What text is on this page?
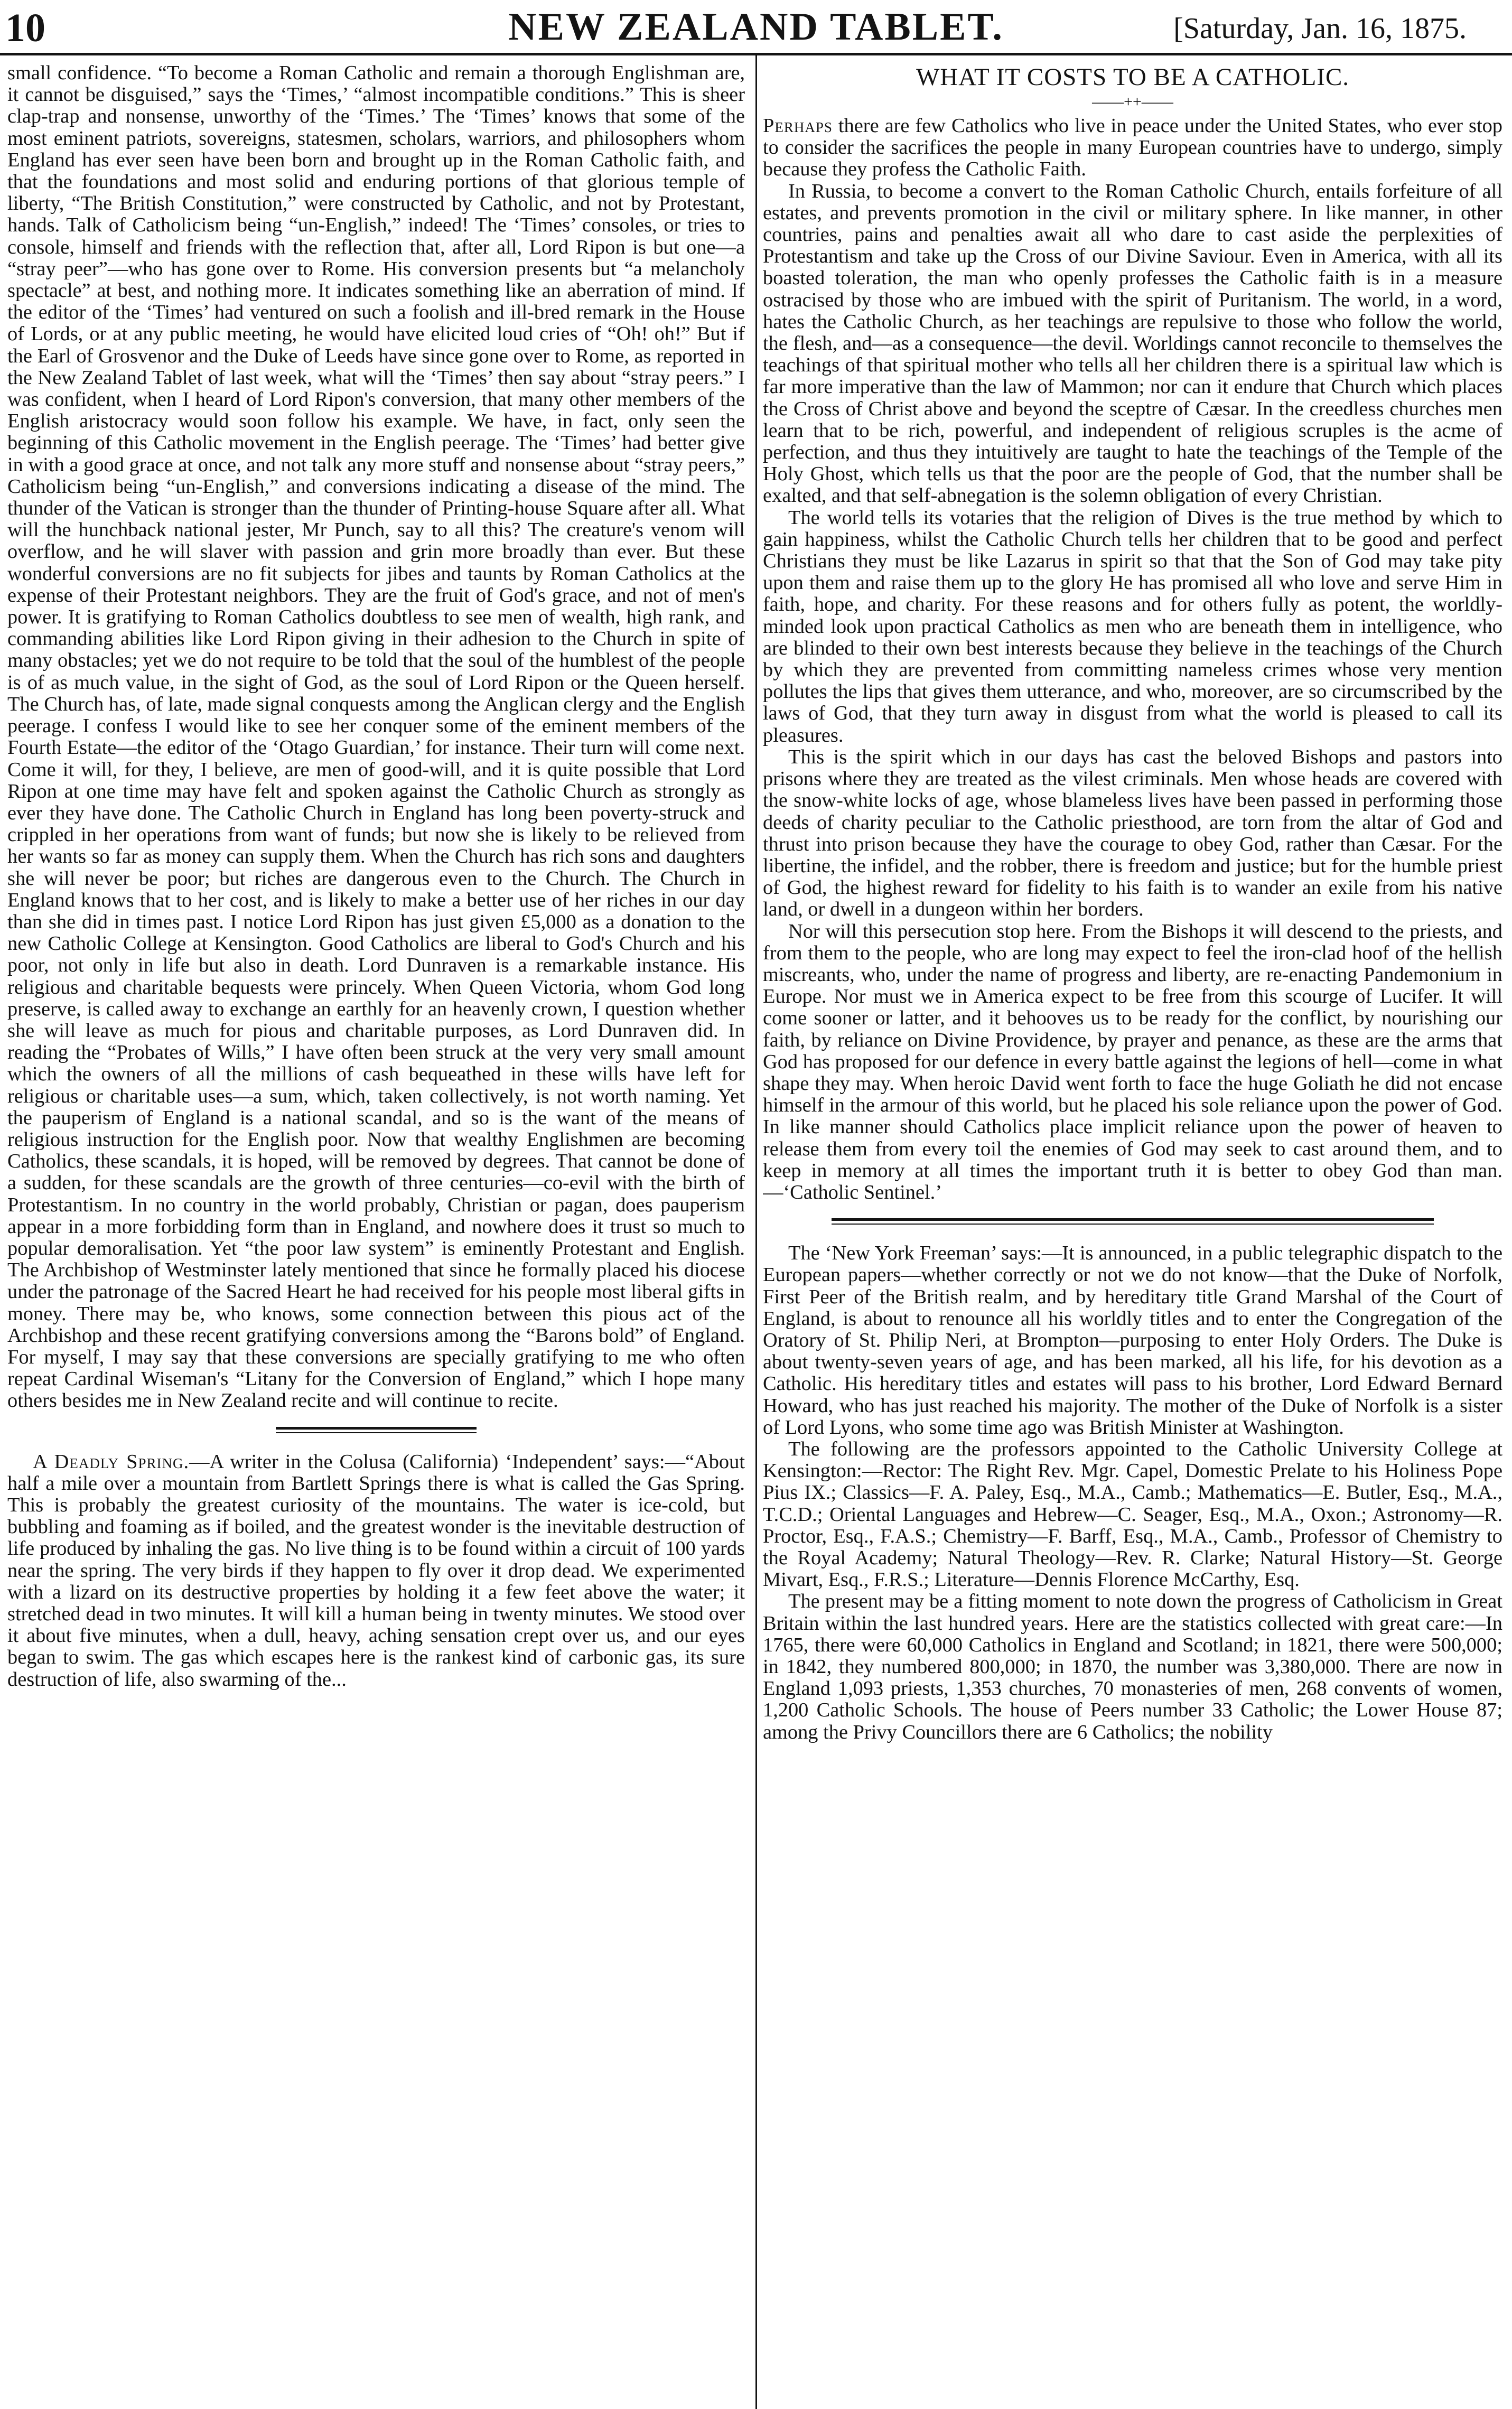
10	NEW ZEALAND TABLET.	[Saturday, Jan. 16, 1875.

small confidence. “To become a Roman Catholic and remain a thorough Englishman are, it cannot be disguised,” says the ‘Times,’ “almost incompatible conditions.” This is sheer clap-trap and nonsense, unworthy of the ‘Times.’ The ‘Times’ knows that some of the most eminent patriots, sovereigns, statesmen, scholars, warriors, and philosophers whom England has ever seen have been born and brought up in the Roman Catholic faith, and that the foundations and most solid and enduring portions of that glorious temple of liberty, “The British Constitution,” were constructed by Catholic, and not by Protestant, hands. Talk of Catholicism being “un-English,” indeed! The ‘Times’ consoles, or tries to console, himself and friends with the reflection that, after all, Lord Ripon is but one—a “stray peer”—who has gone over to Rome. His conversion presents but “a melancholy spectacle” at best, and nothing more. It indicates something like an aberration of mind. If the editor of the ‘Times’ had ventured on such a foolish and ill-bred remark in the House of Lords, or at any public meeting, he would have elicited loud cries of “Oh! oh!” But if the Earl of Grosvenor and the Duke of Leeds have since gone over to Rome, as reported in the New Zealand Tablet of last week, what will the ‘Times’ then say about “stray peers.” I was confident, when I heard of Lord Ripon's conversion, that many other members of the English aristocracy would soon follow his example. We have, in fact, only seen the beginning of this Catholic movement in the English peerage. The ‘Times’ had better give in with a good grace at once, and not talk any more stuff and nonsense about “stray peers,” Catholicism being “un-English,” and conversions indicating a disease of the mind. The thunder of the Vatican is stronger than the thunder of Printing-house Square after all. What will the hunchback national jester, Mr Punch, say to all this? The creature's venom will overflow, and he will slaver with passion and grin more broadly than ever. But these wonderful conversions are no fit subjects for jibes and taunts by Roman Catholics at the expense of their Protestant neighbors. They are the fruit of God's grace, and not of men's power. It is gratifying to Roman Catholics doubtless to see men of wealth, high rank, and commanding abilities like Lord Ripon giving in their adhesion to the Church in spite of many obstacles; yet we do not require to be told that the soul of the humblest of the people is of as much value, in the sight of God, as the soul of Lord Ripon or the Queen herself. The Church has, of late, made signal conquests among the Anglican clergy and the English peerage. I confess I would like to see her conquer some of the eminent members of the Fourth Estate—the editor of the ‘Otago Guardian,’ for instance. Their turn will come next. Come it will, for they, I believe, are men of good-will, and it is quite possible that Lord Ripon at one time may have felt and spoken against the Catholic Church as strongly as ever they have done. The Catholic Church in England has long been poverty-struck and crippled in her operations from want of funds; but now she is likely to be relieved from her wants so far as money can supply them. When the Church has rich sons and daughters she will never be poor; but riches are dangerous even to the Church. The Church in England knows that to her cost, and is likely to make a better use of her riches in our day than she did in times past. I notice Lord Ripon has just given £5,000 as a donation to the new Catholic College at Kensington. Good Catholics are liberal to God's Church and his poor, not only in life but also in death. Lord Dunraven is a remarkable instance. His religious and charitable bequests were princely. When Queen Victoria, whom God long preserve, is called away to exchange an earthly for an heavenly crown, I question whether she will leave as much for pious and charitable purposes, as Lord Dunraven did. In reading the “Probates of Wills,” I have often been struck at the very very small amount which the owners of all the millions of cash bequeathed in these wills have left for religious or charitable uses—a sum, which, taken collectively, is not worth naming. Yet the pauperism of England is a national scandal, and so is the want of the means of religious instruction for the English poor. Now that wealthy Englishmen are becoming Catholics, these scandals, it is hoped, will be removed by degrees. That cannot be done of a sudden, for these scandals are the growth of three centuries—co-evil with the birth of Protestantism. In no country in the world probably, Christian or pagan, does pauperism appear in a more forbidding form than in England, and nowhere does it trust so much to popular demoralisation. Yet “the poor law system” is eminently Protestant and English. The Archbishop of Westminster lately mentioned that since he formally placed his diocese under the patronage of the Sacred Heart he had received for his people most liberal gifts in money. There may be, who knows, some connection between this pious act of the Archbishop and these recent gratifying conversions among the “Barons bold” of England. For myself, I may say that these conversions are specially gratifying to me who often repeat Cardinal Wiseman's “Litany for the Conversion of England,” which I hope many others besides me in New Zealand recite and will continue to recite.

A Deadly Spring.—A writer in the Colusa (California) ‘Independent’ says:—“About half a mile over a mountain from Bartlett Springs there is what is called the Gas Spring. This is probably the greatest curiosity of the mountains. The water is ice-cold, but bubbling and foaming as if boiled, and the greatest wonder is the inevitable destruction of life produced by inhaling the gas. No live thing is to be found within a circuit of 100 yards near the spring. The very birds if they happen to fly over it drop dead. We experimented with a lizard on its destructive properties by holding it a few feet above the water; it stretched dead in two minutes. It will kill a human being in twenty minutes. We stood over it about five minutes, when a dull, heavy, aching sensation crept over us, and our eyes began to swim. The gas which escapes here is the rankest kind of carbonic gas, its sure destruction of life, also swarming of the...

WHAT IT COSTS TO BE A CATHOLIC.
——++——

Perhaps there are few Catholics who live in peace under the United States, who ever stop to consider the sacrifices the people in many European countries have to undergo, simply because they profess the Catholic Faith.

In Russia, to become a convert to the Roman Catholic Church, entails forfeiture of all estates, and prevents promotion in the civil or military sphere. In like manner, in other countries, pains and penalties await all who dare to cast aside the perplexities of Protestantism and take up the Cross of our Divine Saviour. Even in America, with all its boasted toleration, the man who openly professes the Catholic faith is in a measure ostracised by those who are imbued with the spirit of Puritanism. The world, in a word, hates the Catholic Church, as her teachings are repulsive to those who follow the world, the flesh, and—as a consequence—the devil. Worldings cannot reconcile to themselves the teachings of that spiritual mother who tells all her children there is a spiritual law which is far more imperative than the law of Mammon; nor can it endure that Church which places the Cross of Christ above and beyond the sceptre of Cæsar. In the creedless churches men learn that to be rich, powerful, and independent of religious scruples is the acme of perfection, and thus they intuitively are taught to hate the teachings of the Temple of the Holy Ghost, which tells us that the poor are the people of God, that the number shall be exalted, and that self-abnegation is the solemn obligation of every Christian.

The world tells its votaries that the religion of Dives is the true method by which to gain happiness, whilst the Catholic Church tells her children that to be good and perfect Christians they must be like Lazarus in spirit so that that the Son of God may take pity upon them and raise them up to the glory He has promised all who love and serve Him in faith, hope, and charity. For these reasons and for others fully as potent, the worldly-minded look upon practical Catholics as men who are beneath them in intelligence, who are blinded to their own best interests because they believe in the teachings of the Church by which they are prevented from committing nameless crimes whose very mention pollutes the lips that gives them utterance, and who, moreover, are so circumscribed by the laws of God, that they turn away in disgust from what the world is pleased to call its pleasures.

This is the spirit which in our days has cast the beloved Bishops and pastors into prisons where they are treated as the vilest criminals. Men whose heads are covered with the snow-white locks of age, whose blameless lives have been passed in performing those deeds of charity peculiar to the Catholic priesthood, are torn from the altar of God and thrust into prison because they have the courage to obey God, rather than Cæsar. For the libertine, the infidel, and the robber, there is freedom and justice; but for the humble priest of God, the highest reward for fidelity to his faith is to wander an exile from his native land, or dwell in a dungeon within her borders.

Nor will this persecution stop here. From the Bishops it will descend to the priests, and from them to the people, who are long may expect to feel the iron-clad hoof of the hellish miscreants, who, under the name of progress and liberty, are re-enacting Pandemonium in Europe. Nor must we in America expect to be free from this scourge of Lucifer. It will come sooner or latter, and it behooves us to be ready for the conflict, by nourishing our faith, by reliance on Divine Providence, by prayer and penance, as these are the arms that God has proposed for our defence in every battle against the legions of hell—come in what shape they may. When heroic David went forth to face the huge Goliath he did not encase himself in the armour of this world, but he placed his sole reliance upon the power of God. In like manner should Catholics place implicit reliance upon the power of heaven to release them from every toil the enemies of God may seek to cast around them, and to keep in memory at all times the important truth it is better to obey God than man.—‘Catholic Sentinel.’

The ‘New York Freeman’ says:—It is announced, in a public telegraphic dispatch to the European papers—whether correctly or not we do not know—that the Duke of Norfolk, First Peer of the British realm, and by hereditary title Grand Marshal of the Court of England, is about to renounce all his worldly titles and to enter the Congregation of the Oratory of St. Philip Neri, at Brompton—purposing to enter Holy Orders. The Duke is about twenty-seven years of age, and has been marked, all his life, for his devotion as a Catholic. His hereditary titles and estates will pass to his brother, Lord Edward Bernard Howard, who has just reached his majority. The mother of the Duke of Norfolk is a sister of Lord Lyons, who some time ago was British Minister at Washington.

The following are the professors appointed to the Catholic University College at Kensington:—Rector: The Right Rev. Mgr. Capel, Domestic Prelate to his Holiness Pope Pius IX.; Classics—F. A. Paley, Esq., M.A., Camb.; Mathematics—E. Butler, Esq., M.A., T.C.D.; Oriental Languages and Hebrew—C. Seager, Esq., M.A., Oxon.; Astronomy—R. Proctor, Esq., F.A.S.; Chemistry—F. Barff, Esq., M.A., Camb., Professor of Chemistry to the Royal Academy; Natural Theology—Rev. R. Clarke; Natural History—St. George Mivart, Esq., F.R.S.; Literature—Dennis Florence McCarthy, Esq.

The present may be a fitting moment to note down the progress of Catholicism in Great Britain within the last hundred years. Here are the statistics collected with great care:—In 1765, there were 60,000 Catholics in England and Scotland; in 1821, there were 500,000; in 1842, they numbered 800,000; in 1870, the number was 3,380,000. There are now in England 1,093 priests, 1,353 churches, 70 monasteries of men, 268 convents of women, 1,200 Catholic Schools. The house of Peers number 33 Catholic; the Lower House 87; among the Privy Councillors there are 6 Catholics; the nobility
